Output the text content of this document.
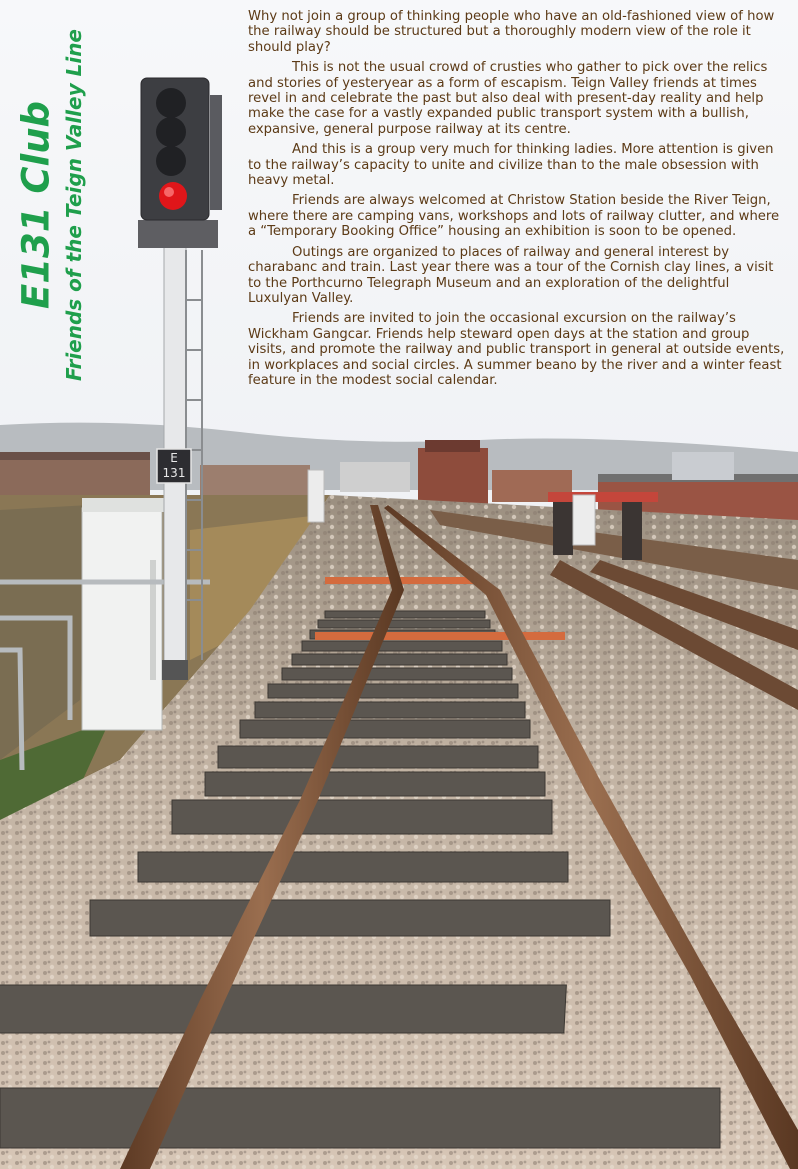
E
131
E131 Club Friends of the Teign Valley Line

Why not join a group of thinking people who have an old-fashioned view of how the railway should be structured but a thoroughly modern view of the role it should play?

This is not the usual crowd of crusties who gather to pick over the relics and stories of yesteryear as a form of escapism. Teign Valley friends at times revel in and celebrate the past but also deal with present-day reality and help make the case for a vastly expanded public transport system with a bullish, expansive, general purpose railway at its centre.

And this is a group very much for thinking ladies. More attention is given to the railway’s capacity to unite and civilize than to the male obsession with heavy metal.

Friends are always welcomed at Christow Station beside the River Teign, where there are camping vans, workshops and lots of railway clutter, and where a “Temporary Booking Office” housing an exhibition is soon to be opened.

Outings are organized to places of railway and general interest by charabanc and train. Last year there was a tour of the Cornish clay lines, a visit to the Porthcurno Telegraph Museum and an exploration of the delightful Luxulyan Valley.

Friends are invited to join the occasional excursion on the railway’s Wickham Gangcar. Friends help steward open days at the station and group visits, and promote the railway and public transport in general at outside events, in workplaces and social circles. A summer beano by the river and a winter feast feature in the modest social calendar.
